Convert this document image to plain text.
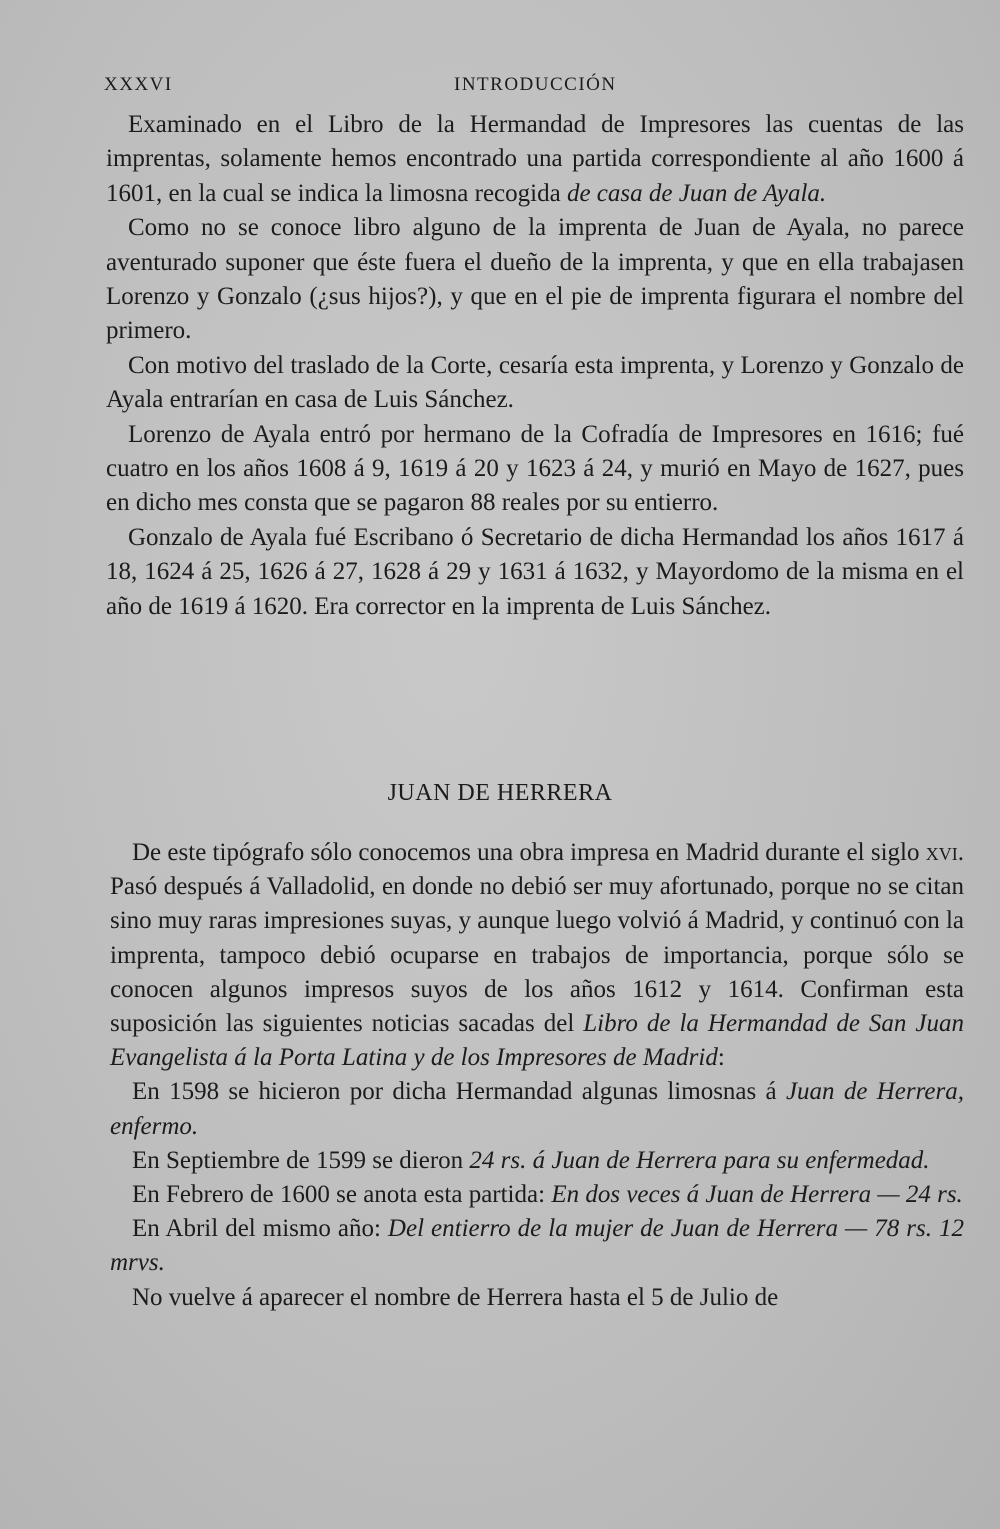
XXXVI	INTRODUCCIÓN

Examinado en el Libro de la Hermandad de Impresores las cuentas de las imprentas, solamente hemos encontrado una partida correspondiente al año 1600 á 1601, en la cual se indica la limosna recogida de casa de Juan de Ayala.

Como no se conoce libro alguno de la imprenta de Juan de Ayala, no parece aventurado suponer que éste fuera el dueño de la imprenta, y que en ella trabajasen Lorenzo y Gonzalo (¿sus hijos?), y que en el pie de imprenta figurara el nombre del primero.

Con motivo del traslado de la Corte, cesaría esta imprenta, y Lorenzo y Gonzalo de Ayala entrarían en casa de Luis Sánchez.

Lorenzo de Ayala entró por hermano de la Cofradía de Impresores en 1616; fué cuatro en los años 1608 á 9, 1619 á 20 y 1623 á 24, y murió en Mayo de 1627, pues en dicho mes consta que se pagaron 88 reales por su entierro.

Gonzalo de Ayala fué Escribano ó Secretario de dicha Hermandad los años 1617 á 18, 1624 á 25, 1626 á 27, 1628 á 29 y 1631 á 1632, y Mayordomo de la misma en el año de 1619 á 1620. Era corrector en la imprenta de Luis Sánchez.

JUAN DE HERRERA

De este tipógrafo sólo conocemos una obra impresa en Madrid durante el siglo xvi. Pasó después á Valladolid, en donde no debió ser muy afortunado, porque no se citan sino muy raras impresiones suyas, y aunque luego volvió á Madrid, y continuó con la imprenta, tampoco debió ocuparse en trabajos de importancia, porque sólo se conocen algunos impresos suyos de los años 1612 y 1614. Confirman esta suposición las siguientes noticias sacadas del Libro de la Hermandad de San Juan Evangelista á la Porta Latina y de los Impresores de Madrid:

En 1598 se hicieron por dicha Hermandad algunas limosnas á Juan de Herrera, enfermo.

En Septiembre de 1599 se dieron 24 rs. á Juan de Herrera para su enfermedad.

En Febrero de 1600 se anota esta partida: En dos veces á Juan de Herrera — 24 rs.

En Abril del mismo año: Del entierro de la mujer de Juan de Herrera — 78 rs. 12 mrvs.

No vuelve á aparecer el nombre de Herrera hasta el 5 de Julio de
